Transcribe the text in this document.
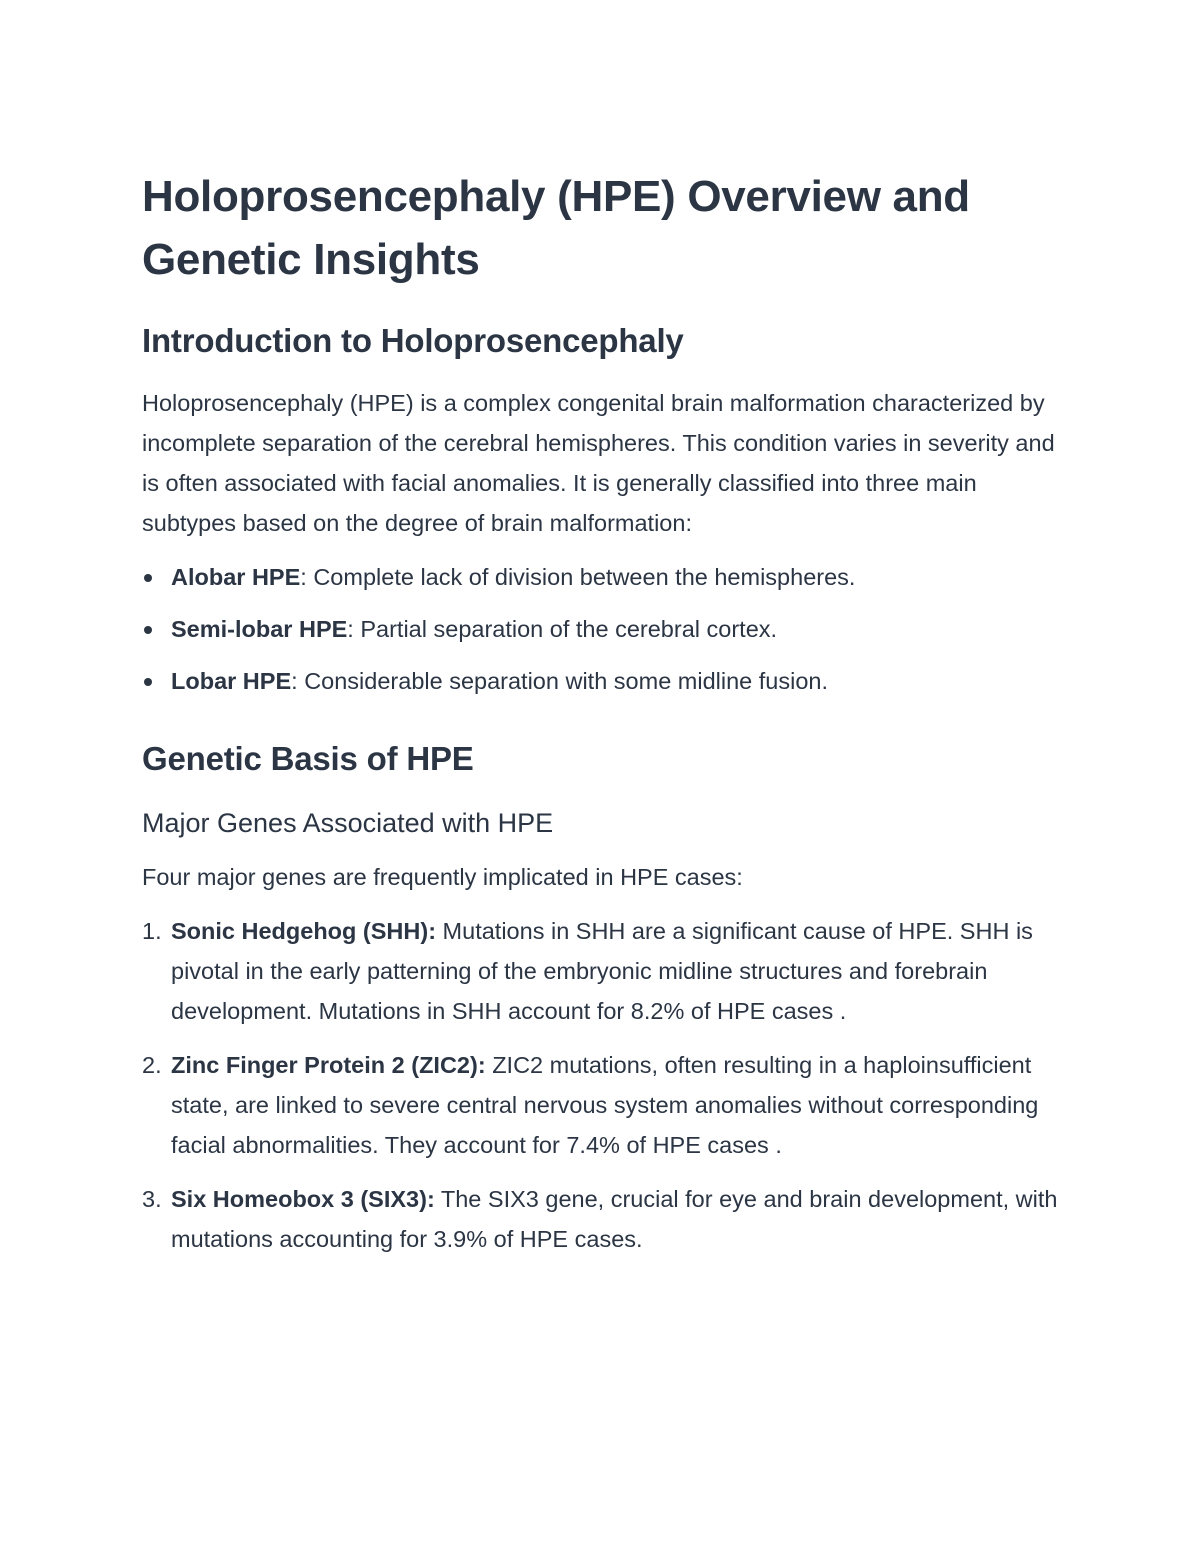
Holoprosencephaly (HPE) Overview and Genetic Insights
Introduction to Holoprosencephaly

Holoprosencephaly (HPE) is a complex congenital brain malformation characterized by incomplete separation of the cerebral hemispheres. This condition varies in severity and is often associated with facial anomalies. It is generally classified into three main subtypes based on the degree of brain malformation:

Alobar HPE: Complete lack of division between the hemispheres.
Semi-lobar HPE: Partial separation of the cerebral cortex.
Lobar HPE: Considerable separation with some midline fusion.
Genetic Basis of HPE
Major Genes Associated with HPE

Four major genes are frequently implicated in HPE cases:

1. Sonic Hedgehog (SHH): Mutations in SHH are a significant cause of HPE. SHH is pivotal in the early patterning of the embryonic midline structures and forebrain development. Mutations in SHH account for 8.2% of HPE cases .
2. Zinc Finger Protein 2 (ZIC2): ZIC2 mutations, often resulting in a haploinsufficient state, are linked to severe central nervous system anomalies without corresponding facial abnormalities. They account for 7.4% of HPE cases .
3. Six Homeobox 3 (SIX3): The SIX3 gene, crucial for eye and brain development, with mutations accounting for 3.9% of HPE cases.
